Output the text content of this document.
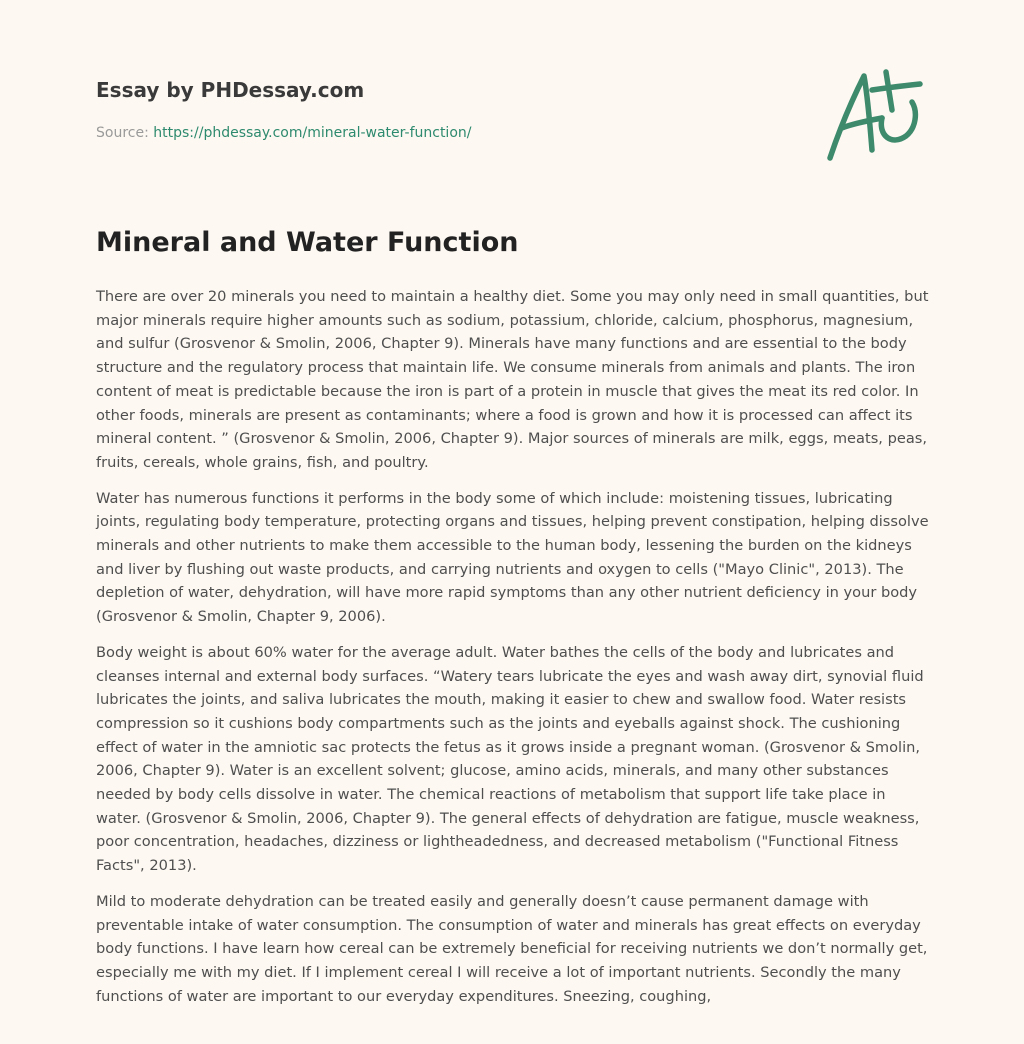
Essay by PHDessay.com
Source: https://phdessay.com/mineral-water-function/
Mineral and Water Function

There are over 20 minerals you need to maintain a healthy diet. Some you may only need in small quantities, but major minerals require higher amounts such as sodium, potassium, chloride, calcium, phosphorus, magnesium, and sulfur (Grosvenor & Smolin, 2006, Chapter 9). Minerals have many functions and are essential to the body structure and the regulatory process that maintain life. We consume minerals from animals and plants. The iron content of meat is predictable because the iron is part of a protein in muscle that gives the meat its red color. In other foods, minerals are present as contaminants; where a food is grown and how it is processed can affect its mineral content. ” (Grosvenor & Smolin, 2006, Chapter 9). Major sources of minerals are milk, eggs, meats, peas, fruits, cereals, whole grains, fish, and poultry.

Water has numerous functions it performs in the body some of which include: moistening tissues, lubricating joints, regulating body temperature, protecting organs and tissues, helping prevent constipation, helping dissolve minerals and other nutrients to make them accessible to the human body, lessening the burden on the kidneys and liver by flushing out waste products, and carrying nutrients and oxygen to cells ("Mayo Clinic", 2013). The depletion of water, dehydration, will have more rapid symptoms than any other nutrient deficiency in your body (Grosvenor & Smolin, Chapter 9, 2006).

Body weight is about 60% water for the average adult. Water bathes the cells of the body and lubricates and cleanses internal and external body surfaces. “Watery tears lubricate the eyes and wash away dirt, synovial fluid lubricates the joints, and saliva lubricates the mouth, making it easier to chew and swallow food. Water resists compression so it cushions body compartments such as the joints and eyeballs against shock. The cushioning effect of water in the amniotic sac protects the fetus as it grows inside a pregnant woman. (Grosvenor & Smolin, 2006, Chapter 9). Water is an excellent solvent; glucose, amino acids, minerals, and many other substances needed by body cells dissolve in water. The chemical reactions of metabolism that support life take place in water. (Grosvenor & Smolin, 2006, Chapter 9). The general effects of dehydration are fatigue, muscle weakness, poor concentration, headaches, dizziness or lightheadedness, and decreased metabolism ("Functional Fitness Facts", 2013).

Mild to moderate dehydration can be treated easily and generally doesn’t cause permanent damage with preventable intake of water consumption. The consumption of water and minerals has great effects on everyday body functions. I have learn how cereal can be extremely beneficial for receiving nutrients we don’t normally get, especially me with my diet. If I implement cereal I will receive a lot of important nutrients. Secondly the many functions of water are important to our everyday expenditures. Sneezing, coughing,
